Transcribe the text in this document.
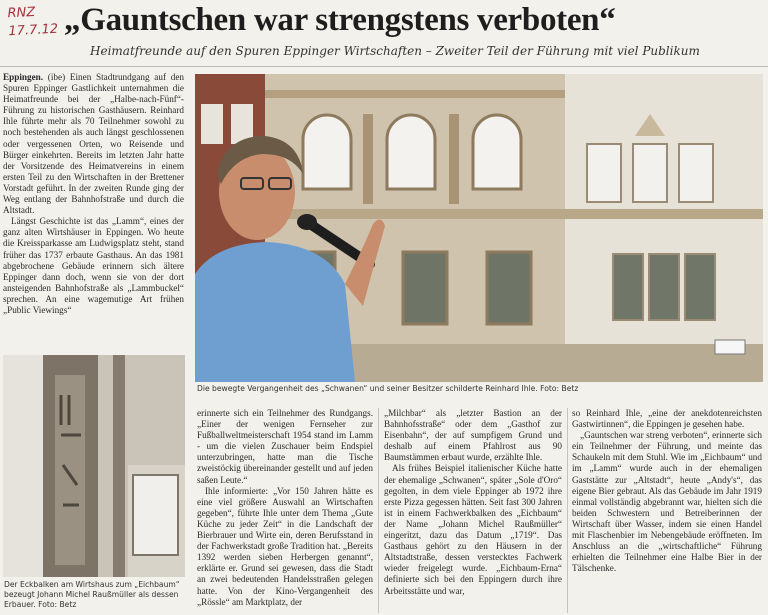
RNZ
17.7.12 „Gauntschen war strengstens verboten“
Heimatfreunde auf den Spuren Eppinger Wirtschaften – Zweiter Teil der Führung mit viel Publikum

Eppingen. (ibe) Einen Stadtrundgang auf den Spuren Eppinger Gastlichkeit unternahmen die Heimatfreunde bei der „Halbe-nach-Fünf“-Führung zu historischen Gasthäusern. Reinhard Ihle führte mehr als 70 Teilnehmer sowohl zu noch bestehenden als auch längst geschlossenen oder vergessenen Orten, wo Reisende und Bürger einkehrten. Bereits im letzten Jahr hatte der Vorsitzende des Heimatvereins in einem ersten Teil zu den Wirtschaften in der Brettener Vorstadt geführt. In der zweiten Runde ging der Weg entlang der Bahnhofstraße und durch die Altstadt.

Längst Geschichte ist das „Lamm“, eines der ganz alten Wirtshäuser in Eppingen. Wo heute die Kreissparkasse am Ludwigsplatz steht, stand früher das 1737 erbaute Gasthaus. An das 1981 abgebrochene Gebäude erinnern sich ältere Eppinger dann doch, wenn sie von der dort ansteigenden Bahnhofstraße als „Lammbuckel“ sprechen. An eine wagemutige Art frühen „Public Viewings“

Die bewegte Vergangenheit des „Schwanen“ und seiner Besitzer schilderte Reinhard Ihle. Foto: Betz
Der Eckbalken am Wirtshaus zum „Eichbaum“ bezeugt Johann Michel Raußmüller als dessen Erbauer. Foto: Betz

erinnerte sich ein Teilnehmer des Rundgangs. „Einer der wenigen Fernseher zur Fußballweltmeisterschaft 1954 stand im Lamm - um die vielen Zuschauer beim Endspiel unterzubringen, hatte man die Tische zweistöckig übereinander gestellt und auf jeden saßen Leute.“

Ihle informierte: „Vor 150 Jahren hätte es eine viel größere Auswahl an Wirtschaften gegeben“, führte Ihle unter dem Thema „Gute Küche zu jeder Zeit“ in die Landschaft der Bierbrauer und Wirte ein, deren Berufsstand in der Fachwerkstadt große Tradition hat. „Bereits 1392 werden sieben Herbergen genannt“, erklärte er. Grund sei gewesen, dass die Stadt an zwei bedeutenden Handelsstraßen gelegen hatte. Von der Kino-Vergangenheit des „Rössle“ am Marktplatz, der

„Milchbar“ als „letzter Bastion an der Bahnhofsstraße“ oder dem „Gasthof zur Eisenbahn“, der auf sumpfigem Grund und deshalb auf einem Pfahlrost aus 90 Baumstämmen erbaut wurde, erzählte Ihle.

Als frühes Beispiel italienischer Küche hatte der ehemalige „Schwanen“, später „Sole d'Oro“ gegolten, in dem viele Eppinger ab 1972 ihre erste Pizza gegessen hätten. Seit fast 300 Jahren ist in einem Fachwerkbalken des „Eichbaum“ der Name „Johann Michel Raußmüller“ eingeritzt, dazu das Datum „1719“. Das Gasthaus gehört zu den Häusern in der Altstadtstraße, dessen verstecktes Fachwerk wieder freigelegt wurde. „Eichbaum-Erna“ definierte sich bei den Eppingern durch ihre Arbeitsstätte und war,

so Reinhard Ihle, „eine der anekdotenreichsten Gastwirtinnen“, die Eppingen je gesehen habe.

„Gauntschen war streng verboten“, erinnerte sich ein Teilnehmer der Führung, und meinte das Schaukeln mit dem Stuhl. Wie im „Eichbaum“ und im „Lamm“ wurde auch in der ehemaligen Gaststätte zur „Altstadt“, heute „Andy's“, das eigene Bier gebraut. Als das Gebäude im Jahr 1919 einmal vollständig abgebrannt war, hielten sich die beiden Schwestern und Betreiberinnen der Wirtschaft über Wasser, indem sie einen Handel mit Flaschenbier im Nebengebäude eröffneten. Im Anschluss an die „wirtschaftliche“ Führung erhielten die Teilnehmer eine Halbe Bier in der Tälschenke.
